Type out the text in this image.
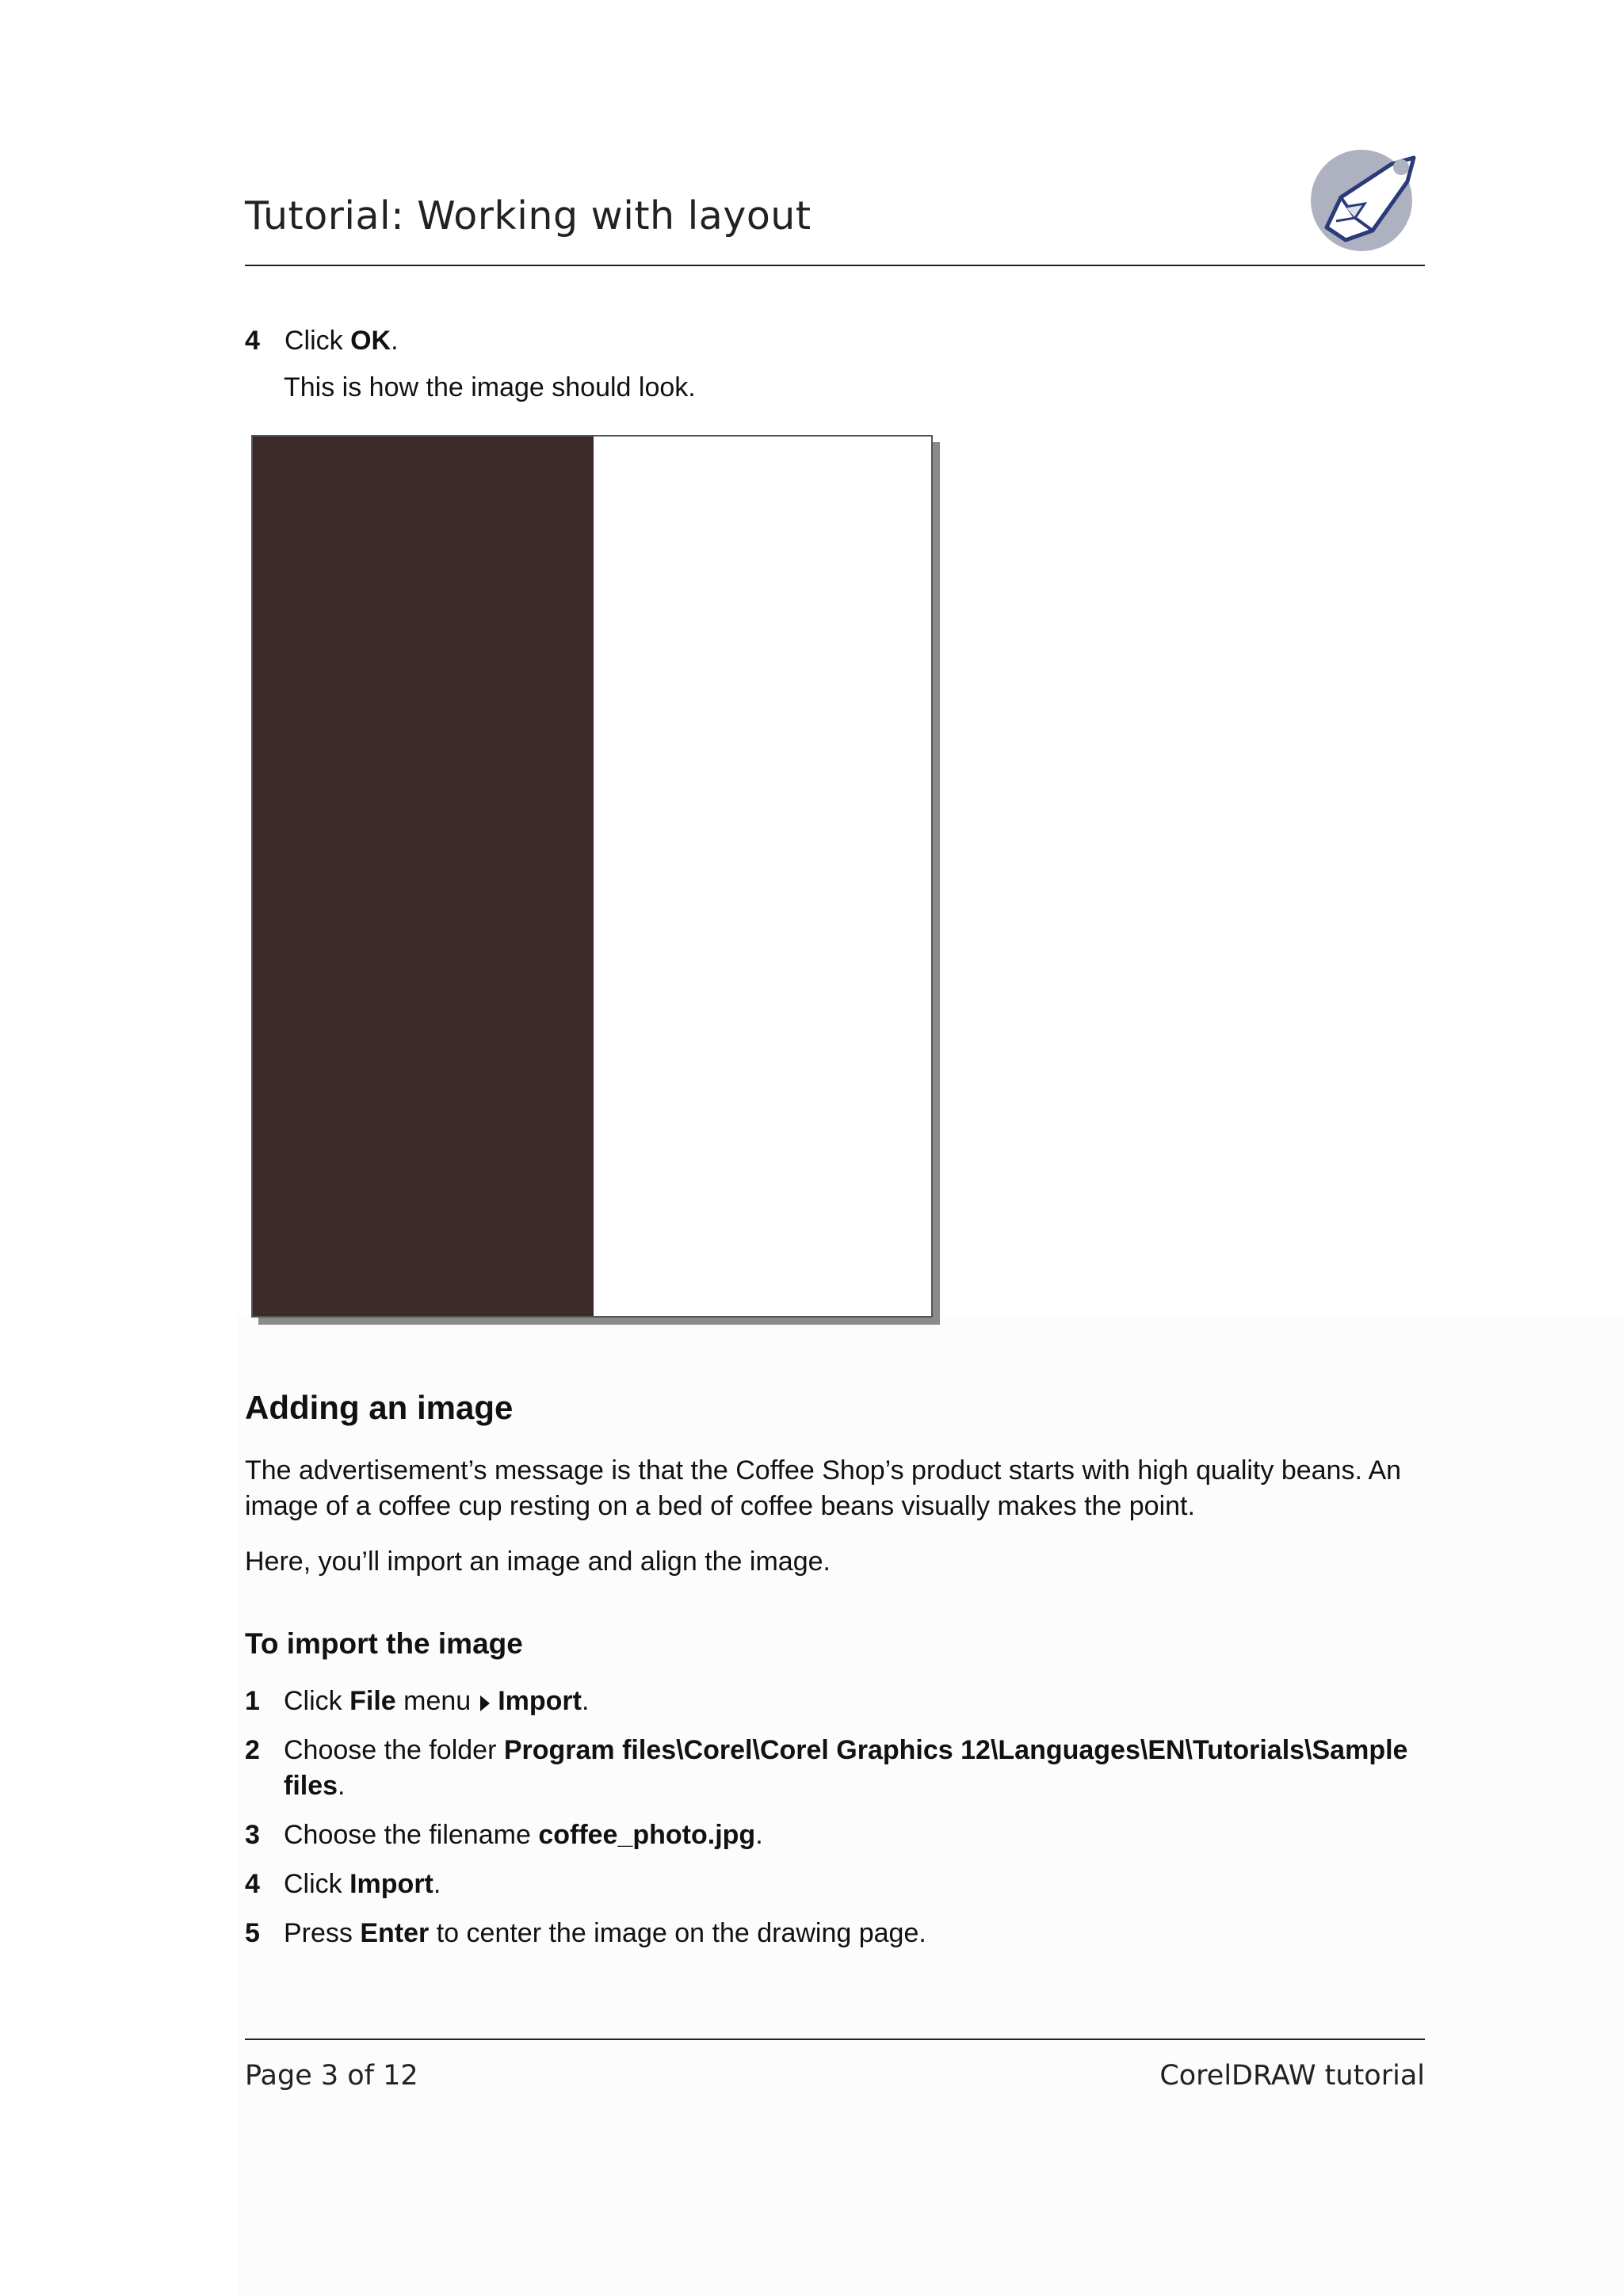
Tutorial: Working with layout
4 Click OK.
This is how the image should look.
Adding an image
The advertisement’s message is that the Coffee Shop’s product starts with high quality beans. An image of a coffee cup resting on a bed of coffee beans visually makes the point.
Here, you’ll import an image and align the image.
To import the image
1 Click File menu Import.
2 Choose the folder Program files\Corel\Corel Graphics 12\Languages\EN\Tutorials\Sample files.
3 Choose the filename coffee_photo.jpg.
4 Click Import.
5 Press Enter to center the image on the drawing page.
Page 3 of 12	CorelDRAW tutorial
